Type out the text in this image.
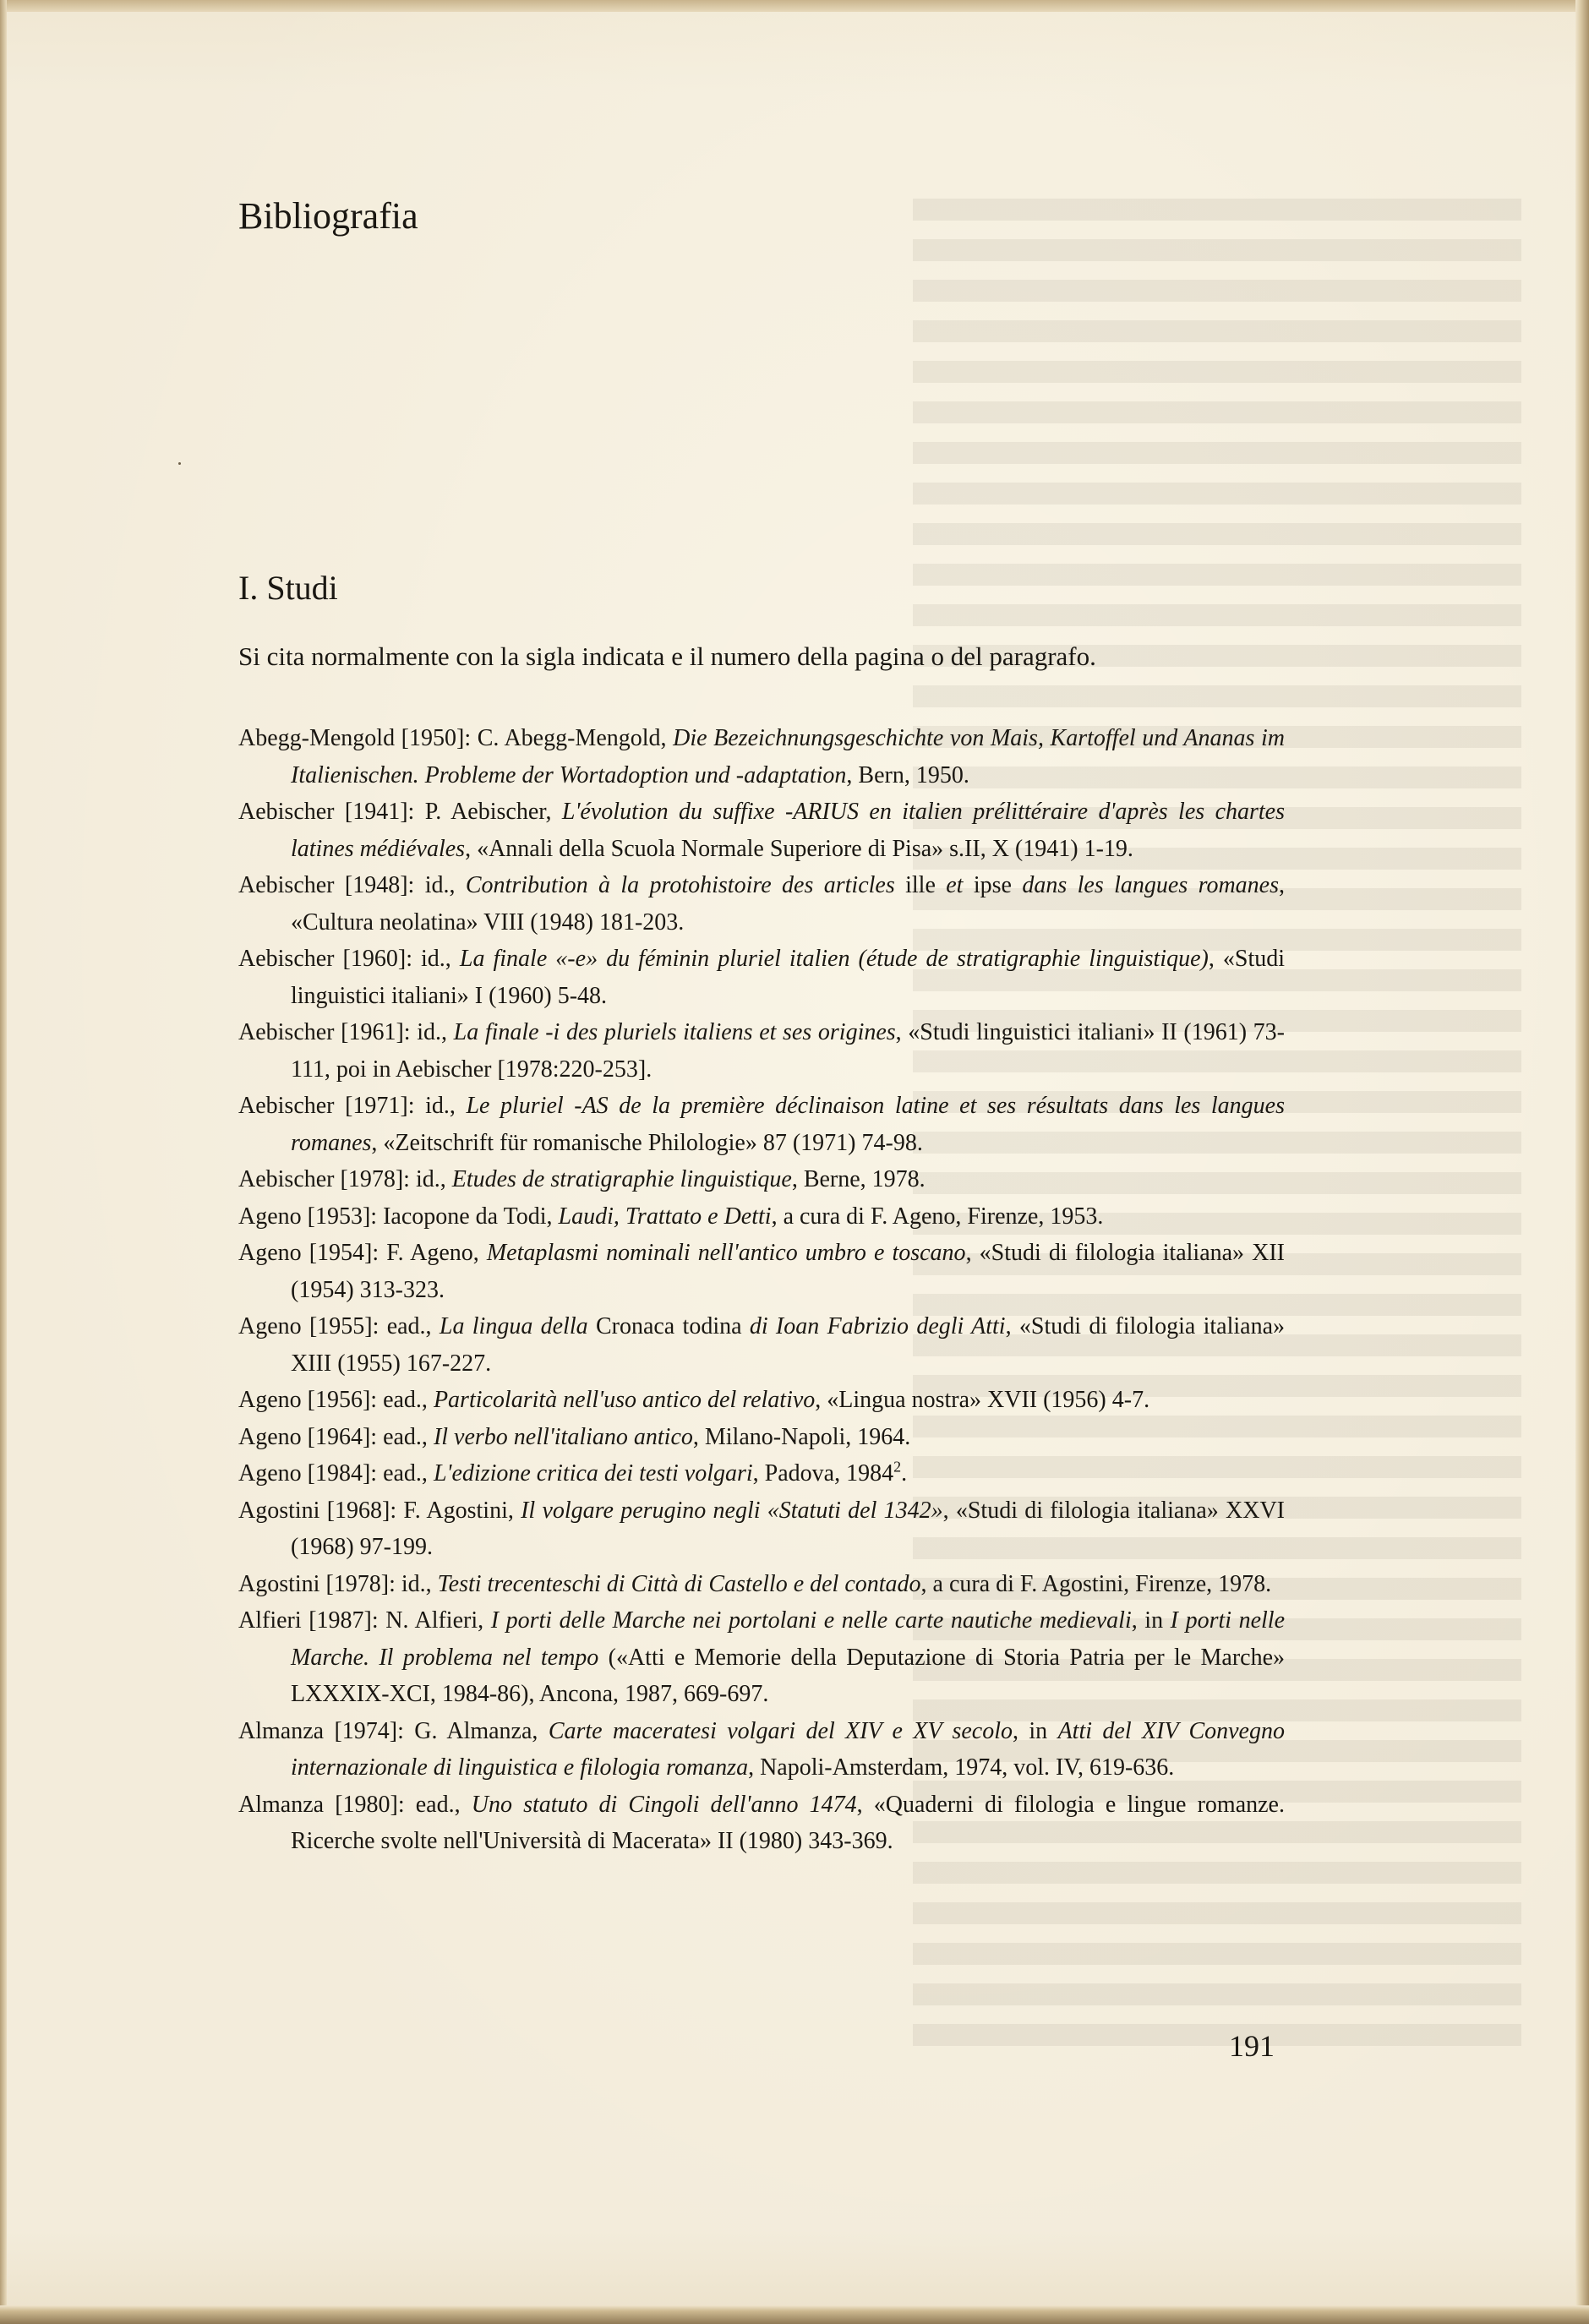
Bibliografia
I. Studi
Si cita normalmente con la sigla indicata e il numero della pagina o del paragrafo.
Abegg-Mengold [1950]: C. Abegg-Mengold, Die Bezeichnungsgeschichte von Mais, Kartoffel und Ananas im Italienischen. Probleme der Wortadoption und -adaptation, Bern, 1950.
Aebischer [1941]: P. Aebischer, L'évolution du suffixe -ARIUS en italien prélittéraire d'après les chartes latines médiévales, «Annali della Scuola Normale Superiore di Pisa» s.II, X (1941) 1-19.
Aebischer [1948]: id., Contribution à la protohistoire des articles ille et ipse dans les langues romanes, «Cultura neolatina» VIII (1948) 181-203.
Aebischer [1960]: id., La finale «-e» du féminin pluriel italien (étude de stratigraphie linguistique), «Studi linguistici italiani» I (1960) 5-48.
Aebischer [1961]: id., La finale -i des pluriels italiens et ses origines, «Studi linguistici italiani» II (1961) 73-111, poi in Aebischer [1978:220-253].
Aebischer [1971]: id., Le pluriel -AS de la première déclinaison latine et ses résultats dans les langues romanes, «Zeitschrift für romanische Philologie» 87 (1971) 74-98.
Aebischer [1978]: id., Etudes de stratigraphie linguistique, Berne, 1978.
Ageno [1953]: Iacopone da Todi, Laudi, Trattato e Detti, a cura di F. Ageno, Firenze, 1953.
Ageno [1954]: F. Ageno, Metaplasmi nominali nell'antico umbro e toscano, «Studi di filologia italiana» XII (1954) 313-323.
Ageno [1955]: ead., La lingua della Cronaca todina di Ioan Fabrizio degli Atti, «Studi di filologia italiana» XIII (1955) 167-227.
Ageno [1956]: ead., Particolarità nell'uso antico del relativo, «Lingua nostra» XVII (1956) 4-7.
Ageno [1964]: ead., Il verbo nell'italiano antico, Milano-Napoli, 1964.
Ageno [1984]: ead., L'edizione critica dei testi volgari, Padova, 1984$^2$.
Agostini [1968]: F. Agostini, Il volgare perugino negli «Statuti del 1342», «Studi di filologia italiana» XXVI (1968) 97-199.
Agostini [1978]: id., Testi trecenteschi di Città di Castello e del contado, a cura di F. Agostini, Firenze, 1978.
Alfieri [1987]: N. Alfieri, I porti delle Marche nei portolani e nelle carte nautiche medievali, in I porti nelle Marche. Il problema nel tempo («Atti e Memorie della Deputazione di Storia Patria per le Marche» LXXXIX-XCI, 1984-86), Ancona, 1987, 669-697.
Almanza [1974]: G. Almanza, Carte maceratesi volgari del XIV e XV secolo, in Atti del XIV Convegno internazionale di linguistica e filologia romanza, Napoli-Amsterdam, 1974, vol. IV, 619-636.
Almanza [1980]: ead., Uno statuto di Cingoli dell'anno 1474, «Quaderni di filologia e lingue romanze. Ricerche svolte nell'Università di Macerata» II (1980) 343-369.
191
